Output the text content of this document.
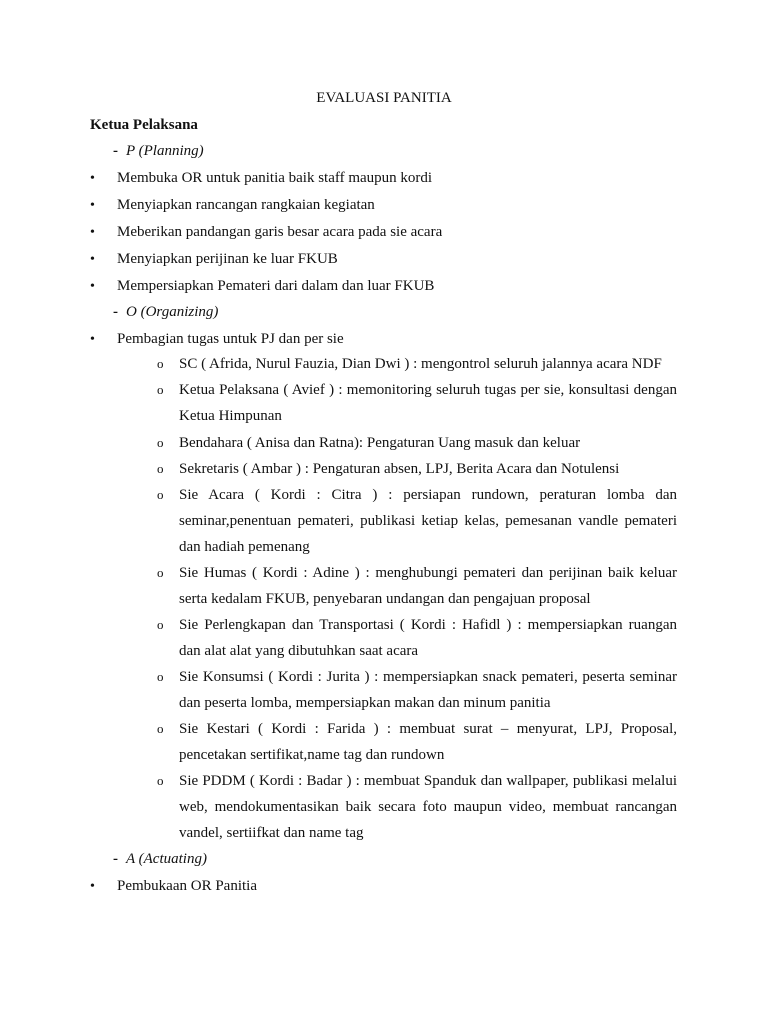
EVALUASI PANITIA
Ketua Pelaksana
- P (Planning)
• Membuka OR untuk panitia baik staff maupun kordi
• Menyiapkan rancangan rangkaian kegiatan
• Meberikan pandangan garis besar acara pada sie acara
• Menyiapkan perijinan ke luar FKUB
• Mempersiapkan Pemateri dari dalam dan luar FKUB
- O (Organizing)
• Pembagian tugas untuk PJ dan per sie
o SC ( Afrida, Nurul Fauzia, Dian Dwi ) : mengontrol seluruh jalannya acara NDF
o Ketua Pelaksana ( Avief ) : memonitoring seluruh tugas per sie, konsultasi dengan Ketua Himpunan
o Bendahara ( Anisa dan Ratna): Pengaturan Uang masuk dan keluar
o Sekretaris ( Ambar ) : Pengaturan absen, LPJ, Berita Acara dan Notulensi
o Sie Acara ( Kordi : Citra ) : persiapan rundown, peraturan lomba dan seminar,penentuan pemateri, publikasi ketiap kelas, pemesanan vandle pemateri dan hadiah pemenang
o Sie Humas ( Kordi : Adine ) : menghubungi pemateri dan perijinan baik keluar serta kedalam FKUB, penyebaran undangan dan pengajuan proposal
o Sie Perlengkapan dan Transportasi ( Kordi : Hafidl ) : mempersiapkan ruangan dan alat alat yang dibutuhkan saat acara
o Sie Konsumsi ( Kordi : Jurita ) : mempersiapkan snack pemateri, peserta seminar dan peserta lomba, mempersiapkan makan dan minum panitia
o Sie Kestari ( Kordi : Farida ) : membuat surat – menyurat, LPJ, Proposal, pencetakan sertifikat,name tag dan rundown
o Sie PDDM ( Kordi : Badar ) : membuat Spanduk dan wallpaper, publikasi melalui web, mendokumentasikan baik secara foto maupun video, membuat rancangan vandel, sertiifkat dan name tag
- A (Actuating)
• Pembukaan OR Panitia
